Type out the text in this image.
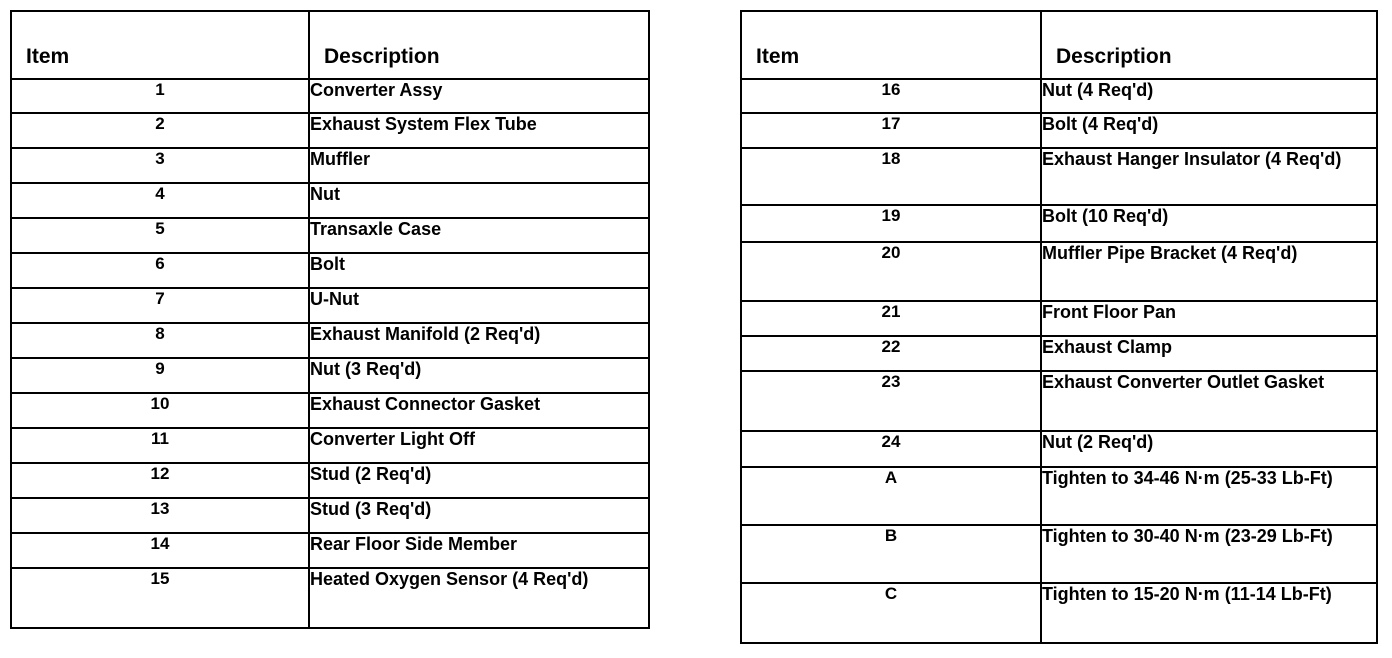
Item	Description
1	Converter Assy
2	Exhaust System Flex Tube
3	Muffler
4	Nut
5	Transaxle Case
6	Bolt
7	U-Nut
8	Exhaust Manifold (2 Req'd)
9	Nut (3 Req'd)
10	Exhaust Connector Gasket
11	Converter Light Off
12	Stud (2 Req'd)
13	Stud (3 Req'd)
14	Rear Floor Side Member
15	Heated Oxygen Sensor (4 Req'd)
Item	Description
16	Nut (4 Req'd)
17	Bolt (4 Req'd)
18	Exhaust Hanger Insulator (4 Req'd)
19	Bolt (10 Req'd)
20	Muffler Pipe Bracket (4 Req'd)
21	Front Floor Pan
22	Exhaust Clamp
23	Exhaust Converter Outlet Gasket
24	Nut (2 Req'd)
A	Tighten to 34-46 N·m (25-33 Lb-Ft)
B	Tighten to 30-40 N·m (23-29 Lb-Ft)
C	Tighten to 15-20 N·m (11-14 Lb-Ft)
